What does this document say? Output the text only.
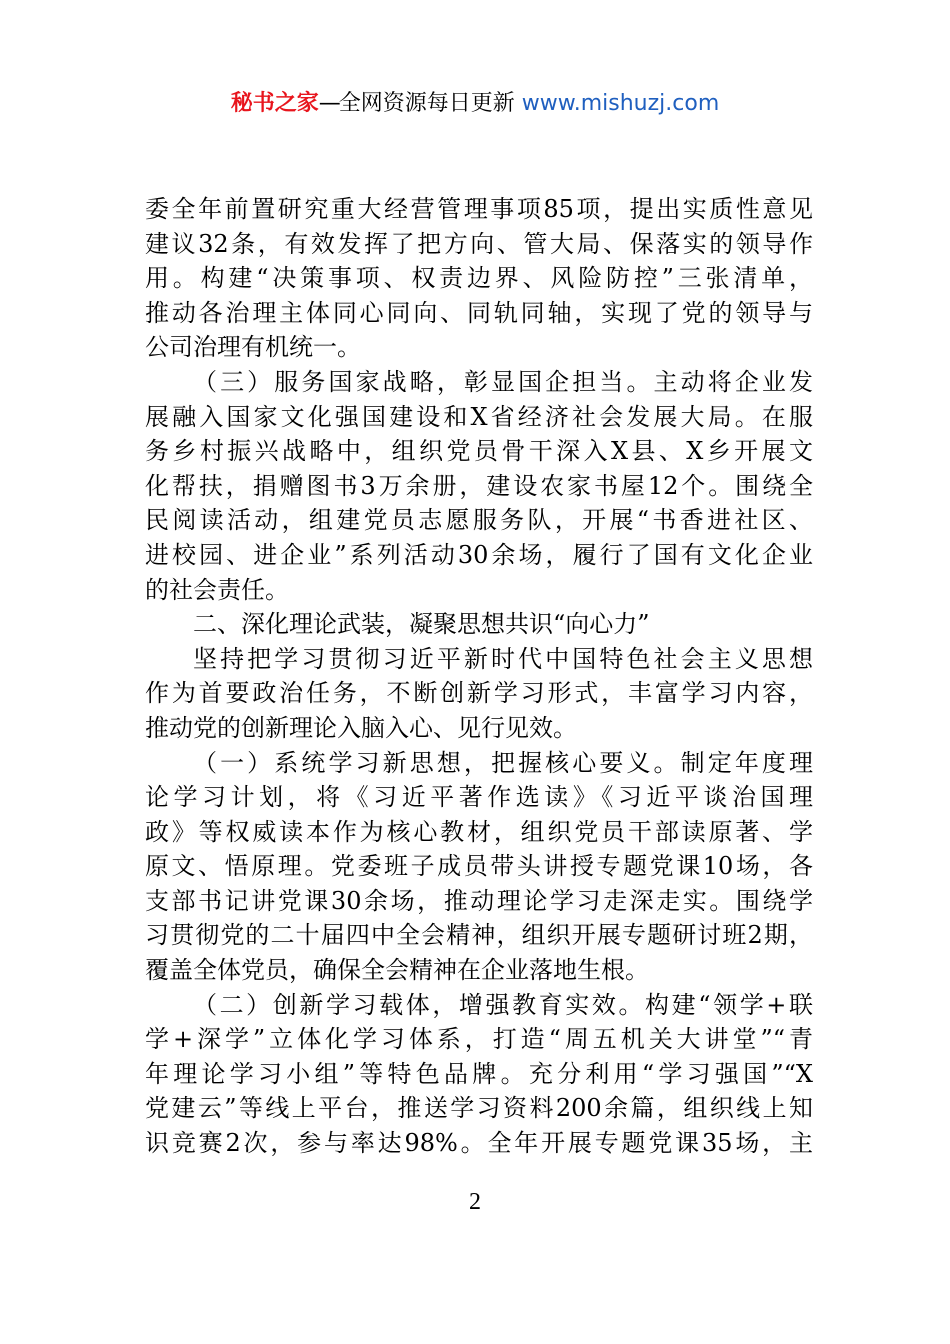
秘书之家—全网资源每日更新 www.mishuzj.com
委全年前置研究重大经营管理事项85项，提出实质性意见
建议32条，有效发挥了把方向、管大局、保落实的领导作
用。构建“决策事项、权责边界、风险防控”三张清单，
推动各治理主体同心同向、同轨同轴，实现了党的领导与
公司治理有机统一。
（三）服务国家战略，彰显国企担当。主动将企业发
展融入国家文化强国建设和X省经济社会发展大局。在服
务乡村振兴战略中，组织党员骨干深入X县、X乡开展文
化帮扶，捐赠图书3万余册，建设农家书屋12个。围绕全
民阅读活动，组建党员志愿服务队，开展“书香进社区、
进校园、进企业”系列活动30余场，履行了国有文化企业
的社会责任。
二、深化理论武装，凝聚思想共识“向心力”
坚持把学习贯彻习近平新时代中国特色社会主义思想
作为首要政治任务，不断创新学习形式，丰富学习内容，
推动党的创新理论入脑入心、见行见效。
（一）系统学习新思想，把握核心要义。制定年度理
论学习计划，将《习近平著作选读》《习近平谈治国理
政》等权威读本作为核心教材，组织党员干部读原著、学
原文、悟原理。党委班子成员带头讲授专题党课10场，各
支部书记讲党课30余场，推动理论学习走深走实。围绕学
习贯彻党的二十届四中全会精神，组织开展专题研讨班2期，
覆盖全体党员，确保全会精神在企业落地生根。
（二）创新学习载体，增强教育实效。构建“领学+联
学+深学”立体化学习体系，打造“周五机关大讲堂”“青
年理论学习小组”等特色品牌。充分利用“学习强国”“X
党建云”等线上平台，推送学习资料200余篇，组织线上知
识竞赛2次，参与率达98%。全年开展专题党课35场，主
2
